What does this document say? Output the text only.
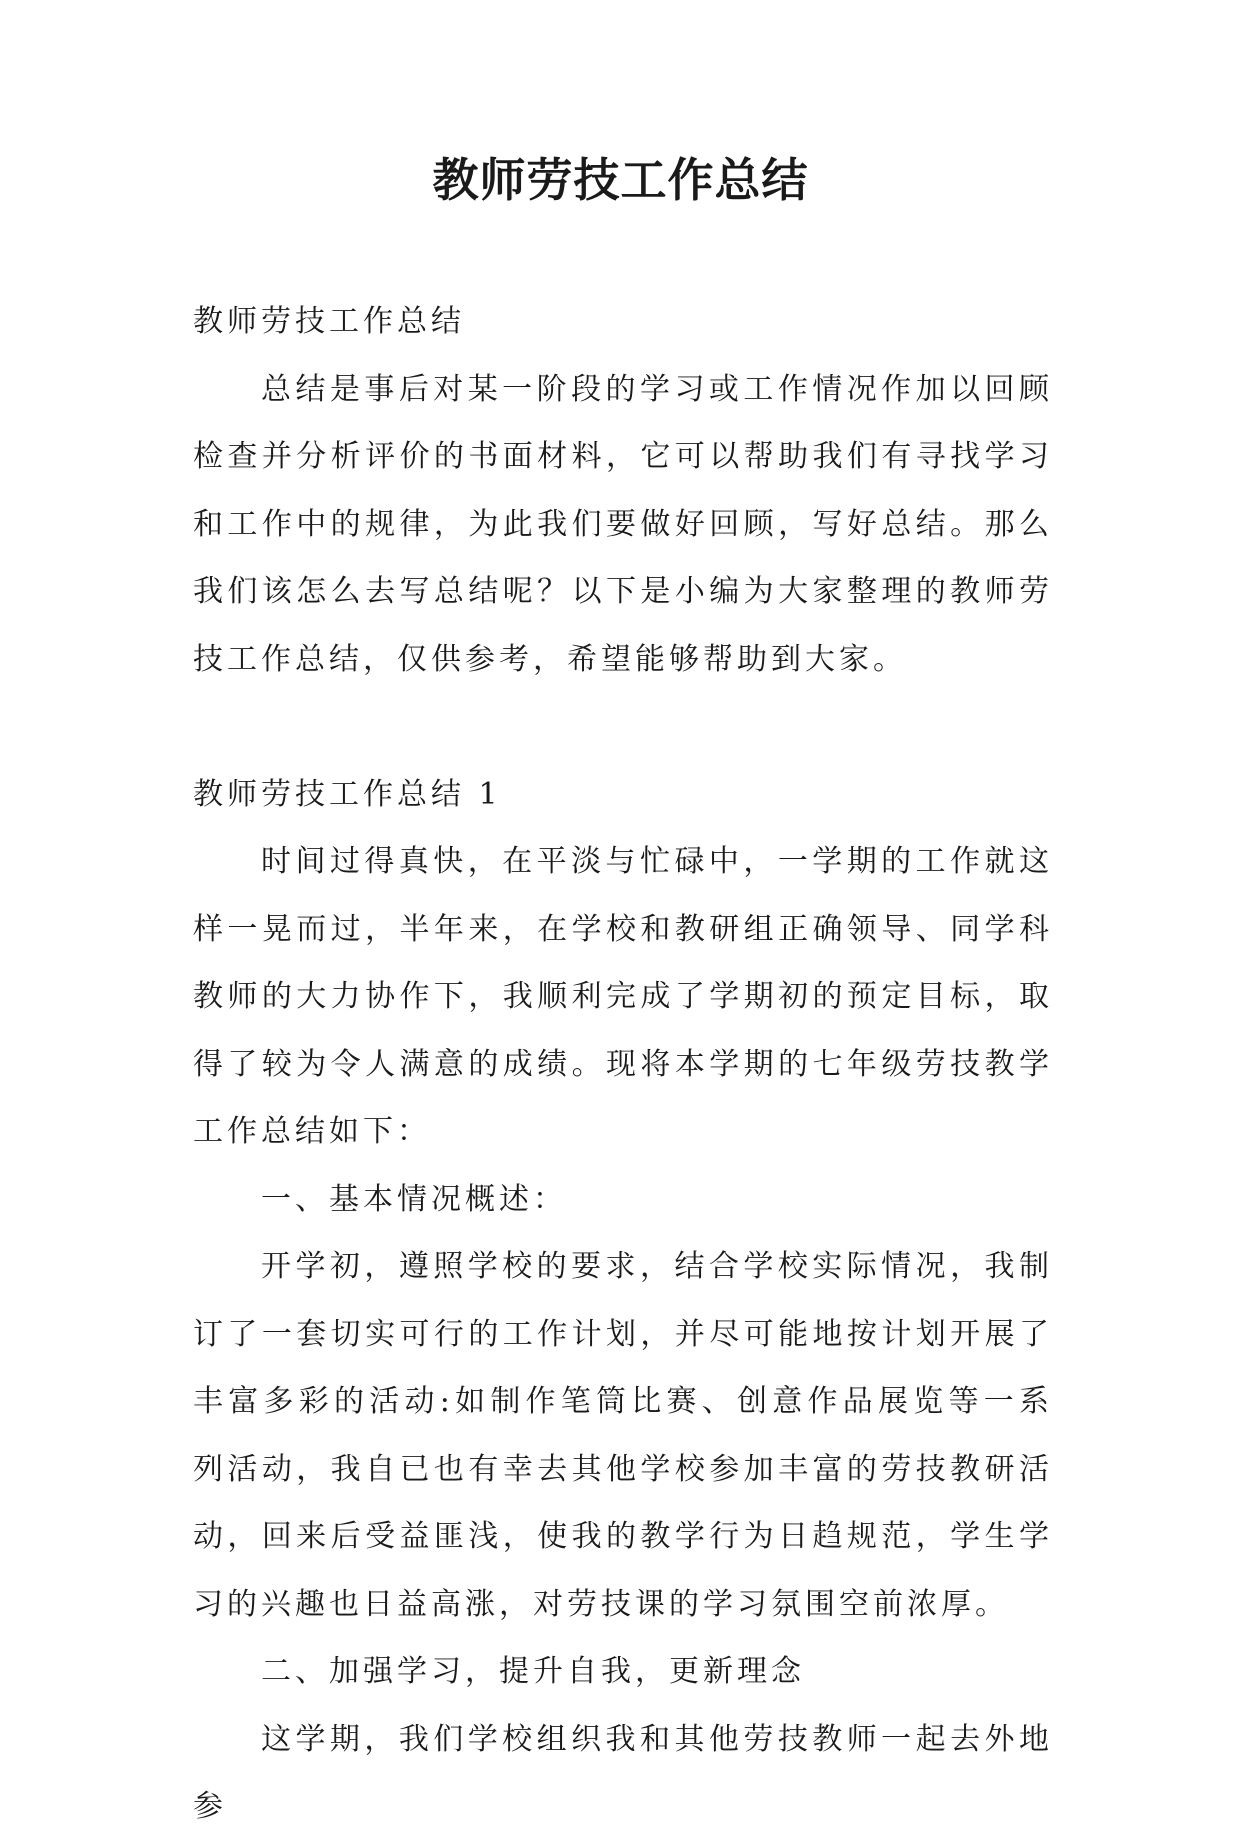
教师劳技工作总结

教师劳技工作总结

总结是事后对某一阶段的学习或工作情况作加以回顾检查并分析评价的书面材料，它可以帮助我们有寻找学习和工作中的规律，为此我们要做好回顾，写好总结。那么我们该怎么去写总结呢？以下是小编为大家整理的教师劳技工作总结，仅供参考，希望能够帮助到大家。

教师劳技工作总结 1

时间过得真快，在平淡与忙碌中，一学期的工作就这样一晃而过，半年来，在学校和教研组正确领导、同学科教师的大力协作下，我顺利完成了学期初的预定目标，取得了较为令人满意的成绩。现将本学期的七年级劳技教学工作总结如下：

一、基本情况概述：

开学初，遵照学校的要求，结合学校实际情况，我制订了一套切实可行的工作计划，并尽可能地按计划开展了丰富多彩的活动:如制作笔筒比赛、创意作品展览等一系列活动，我自已也有幸去其他学校参加丰富的劳技教研活动，回来后受益匪浅，使我的教学行为日趋规范，学生学习的兴趣也日益高涨，对劳技课的学习氛围空前浓厚。

二、加强学习，提升自我，更新理念

这学期，我们学校组织我和其他劳技教师一起去外地参
